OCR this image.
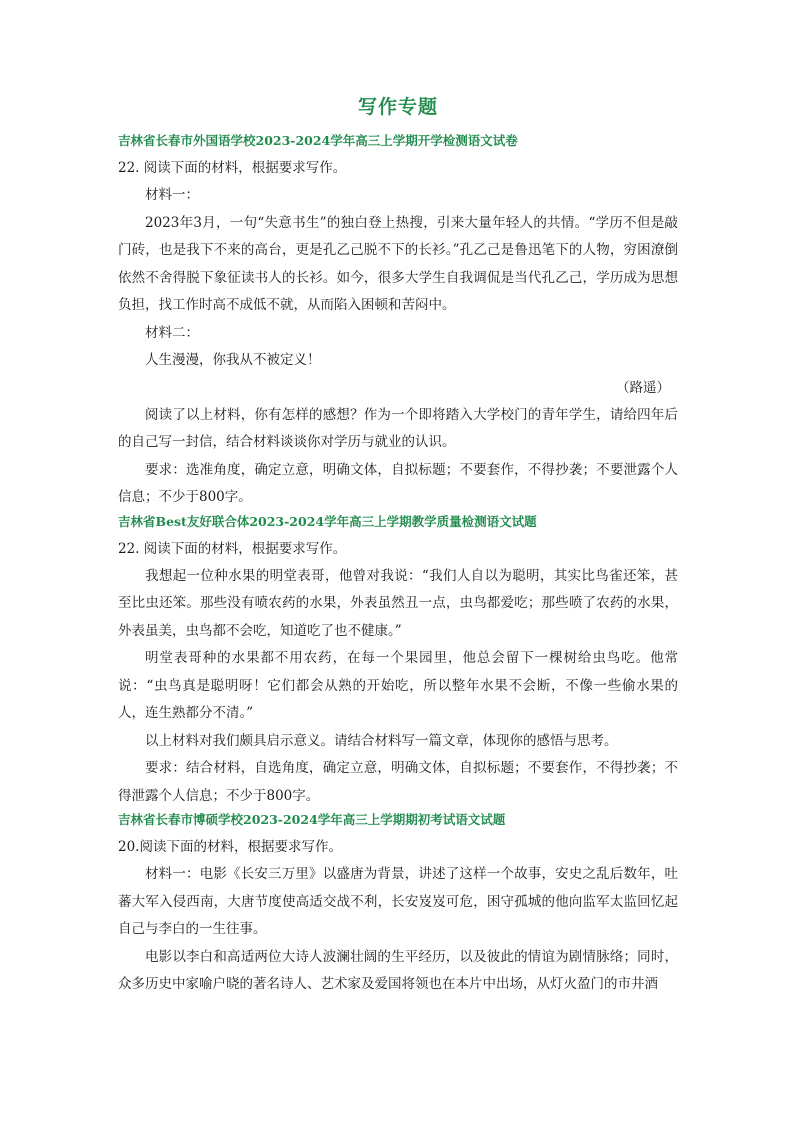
写作专题
吉林省长春市外国语学校2023-2024学年高三上学期开学检测语文试卷

22. 阅读下面的材料，根据要求写作。

材料一：

2023年3月，一句“失意书生”的独白登上热搜，引来大量年轻人的共情。“学历不但是敲门砖，也是我下不来的高台，更是孔乙己脱不下的长衫。”孔乙己是鲁迅笔下的人物，穷困潦倒依然不舍得脱下象征读书人的长衫。如今，很多大学生自我调侃是当代孔乙己，学历成为思想负担，找工作时高不成低不就，从而陷入困顿和苦闷中。

材料二：

人生漫漫，你我从不被定义！

（路遥）

阅读了以上材料，你有怎样的感想？作为一个即将踏入大学校门的青年学生，请给四年后的自己写一封信，结合材料谈谈你对学历与就业的认识。

要求：选准角度，确定立意，明确文体，自拟标题；不要套作，不得抄袭；不要泄露个人信息；不少于800字。

吉林省Best友好联合体2023-2024学年高三上学期教学质量检测语文试题

22. 阅读下面的材料，根据要求写作。

我想起一位种水果的明堂表哥，他曾对我说：“我们人自以为聪明，其实比鸟雀还笨，甚至比虫还笨。那些没有喷农药的水果，外表虽然丑一点，虫鸟都爱吃；那些喷了农药的水果，外表虽美，虫鸟都不会吃，知道吃了也不健康。”

明堂表哥种的水果都不用农药，在每一个果园里，他总会留下一棵树给虫鸟吃。他常说：“虫鸟真是聪明呀！它们都会从熟的开始吃，所以整年水果不会断，不像一些偷水果的人，连生熟都分不清。”

以上材料对我们颇具启示意义。请结合材料写一篇文章，体现你的感悟与思考。

要求：结合材料，自选角度，确定立意，明确文体，自拟标题；不要套作，不得抄袭；不得泄露个人信息；不少于800字。

吉林省长春市博硕学校2023-2024学年高三上学期期初考试语文试题

20.阅读下面的材料，根据要求写作。

材料一：电影《长安三万里》以盛唐为背景，讲述了这样一个故事，安史之乱后数年，吐蕃大军入侵西南，大唐节度使高适交战不利，长安岌岌可危，困守孤城的他向监军太监回忆起自己与李白的一生往事。

电影以李白和高适两位大诗人波澜壮阔的生平经历，以及彼此的情谊为剧情脉络；同时，众多历史中家喻户晓的著名诗人、艺术家及爱国将领也在本片中出场，从灯火盈门的市井酒
